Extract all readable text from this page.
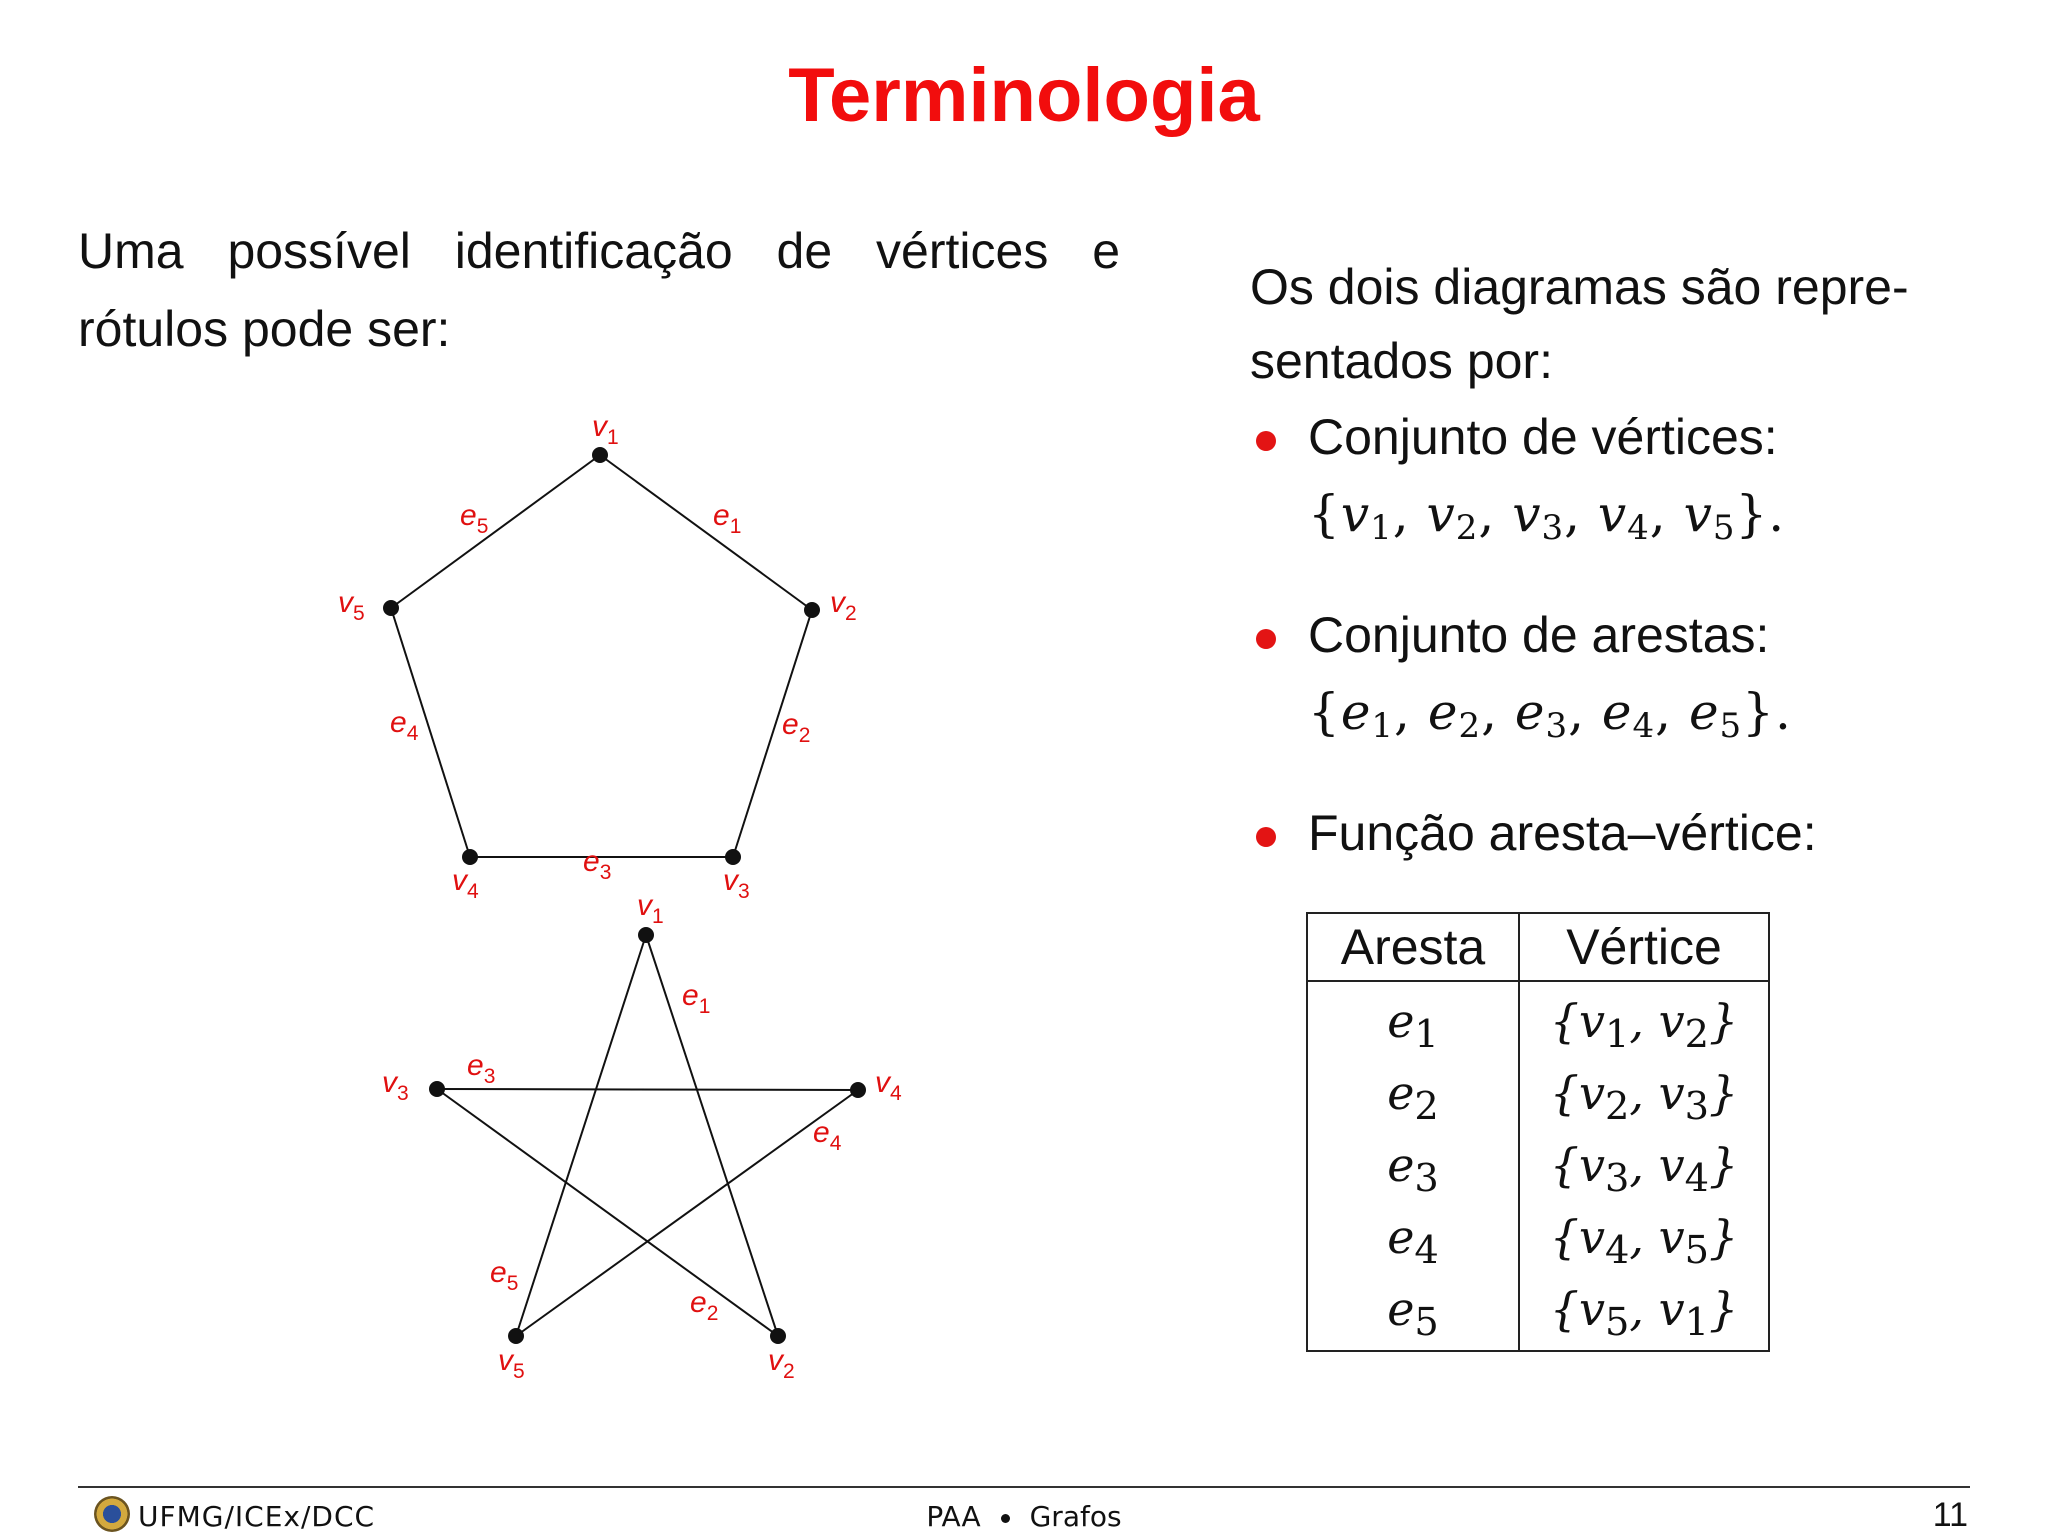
Terminologia
Uma possível identificação de vértices e rótulos pode ser:
$v_1$
$v_2$
$v_3$
$v_4$
$v_5$
$e_1$
$e_2$
$e_3$
$e_4$
$e_5$
$v_1$
$v_2$
$v_3$	$v_4$
$v_5$
$e_1$
$e_2$
$e_3$
$e_4$
$e_5$
Os dois diagramas são repre- sentados por:
Conjunto de vértices:
{$v_1$, $v_2$, $v_3$, $v_4$, $v_5$}.
Conjunto de arestas:
{$e_1$, $e_2$, $e_3$, $e_4$, $e_5$}.
Função aresta–vértice:
Aresta	Vértice
$e_1$	{$v_1$, $v_2$}
$e_2$	{$v_2$, $v_3$}
$e_3$	{$v_3$, $v_4$}
$e_4$	{$v_4$, $v_5$}
$e_5$	{$v_5$, $v_1$}
UFMG/ICEx/DCC	PAA Grafos	11
